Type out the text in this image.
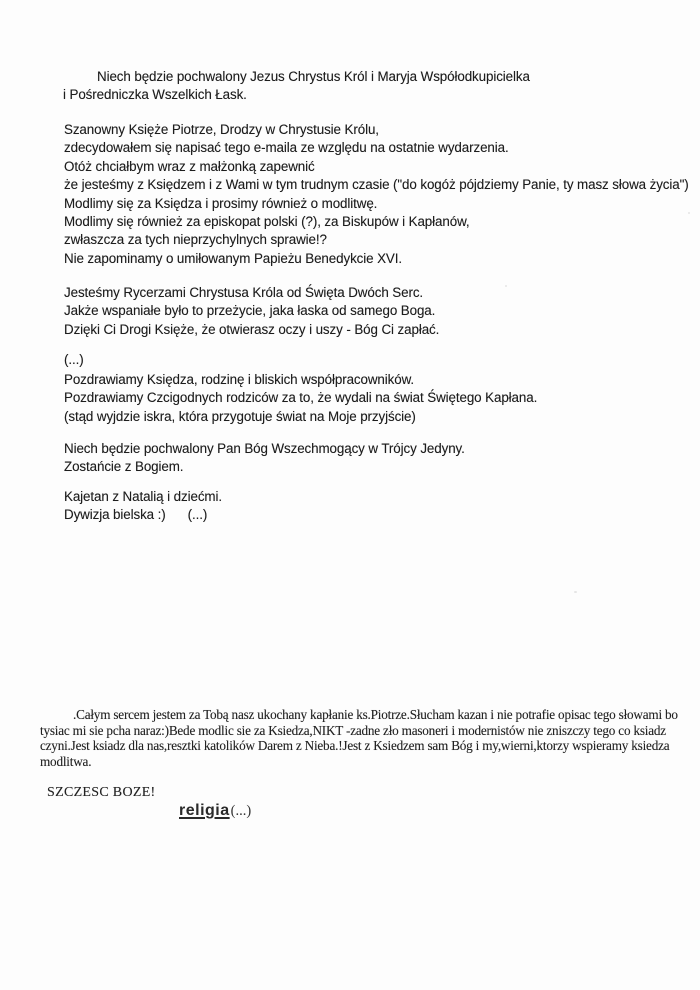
Niech będzie pochwalony Jezus Chrystus Król i Maryja Współodkupicielka
i Pośredniczka Wszelkich Łask.
Szanowny Księże Piotrze, Drodzy w Chrystusie Królu,
zdecydowałem się napisać tego e-maila ze względu na ostatnie wydarzenia.
Otóż chciałbym wraz z małżonką zapewnić
że jesteśmy z Księdzem i z Wami w tym trudnym czasie ("do kogóż pójdziemy Panie, ty masz słowa życia")
Modlimy się za Księdza i prosimy również o modlitwę.
Modlimy się również za episkopat polski (?), za Biskupów i Kapłanów,
zwłaszcza za tych nieprzychylnych sprawie!?
Nie zapominamy o umiłowanym Papieżu Benedykcie XVI.
Jesteśmy Rycerzami Chrystusa Króla od Święta Dwóch Serc.
Jakże wspaniałe było to przeżycie, jaka łaska od samego Boga.
Dzięki Ci Drogi Księże, że otwierasz oczy i uszy - Bóg Ci zapłać.
(...)
Pozdrawiamy Księdza, rodzinę i bliskich współpracowników.
Pozdrawiamy Czcigodnych rodziców za to, że wydali na świat Świętego Kapłana.
(stąd wyjdzie iskra, która przygotuje świat na Moje przyjście)
Niech będzie pochwalony Pan Bóg Wszechmogący w Trójcy Jedyny.
Zostańcie z Bogiem.
Kajetan z Natalią i dziećmi.
Dywizja bielska :) (...)
.Całym sercem jestem za Tobą nasz ukochany kapłanie ks.Piotrze.Słucham kazan i nie potrafie opisac tego słowami bo
tysiac mi sie pcha naraz:)Bede modlic sie za Ksiedza,NIKT -zadne zło masoneri i modernistów nie zniszczy tego co ksiadz
czyni.Jest ksiadz dla nas,resztki katolików Darem z Nieba.!Jest z Ksiedzem sam Bóg i my,wierni,ktorzy wspieramy ksiedza
modlitwa.
SZCZESC BOZE!
religia(...)
